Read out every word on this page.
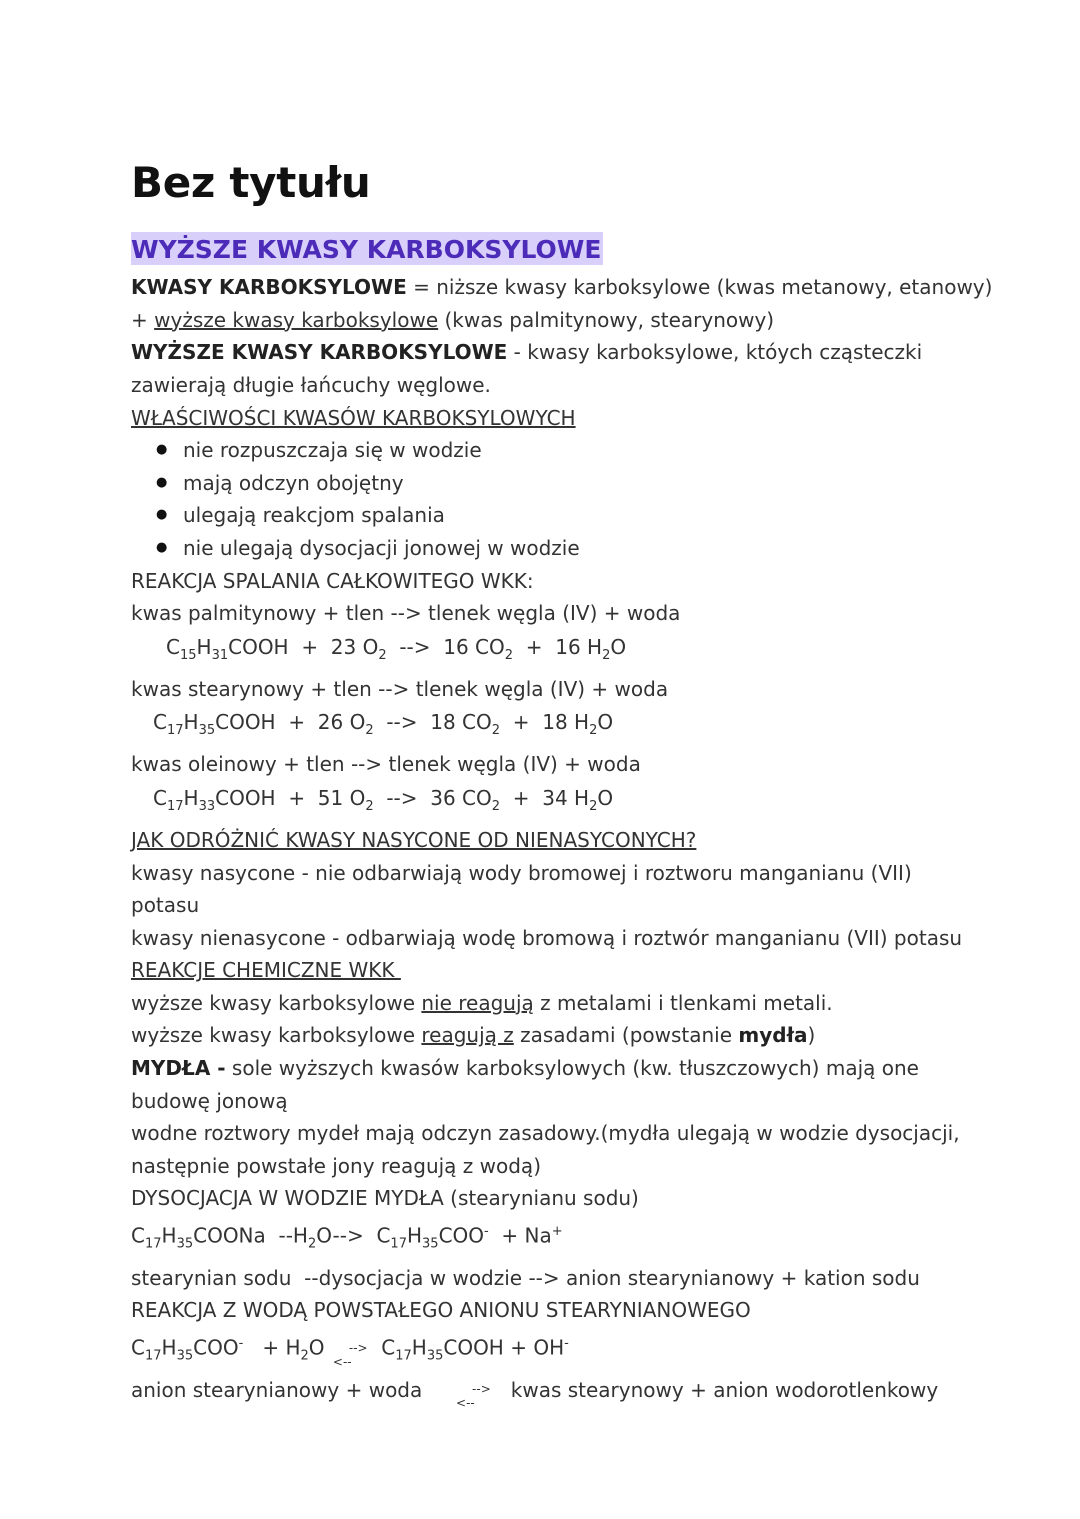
Bez tytułu
WYŻSZE KWASY KARBOKSYLOWE
KWASY KARBOKSYLOWE = niższe kwasy karboksylowe (kwas metanowy, etanowy)
+ wyższe kwasy karboksylowe (kwas palmitynowy, stearynowy)
WYŻSZE KWASY KARBOKSYLOWE - kwasy karboksylowe, któych cząsteczki
zawierają długie łańcuchy węglowe.
WŁAŚCIWOŚCI KWASÓW KARBOKSYLOWYCH
● nie rozpuszczaja się w wodzie
● mają odczyn obojętny
● ulegają reakcjom spalania
● nie ulegają dysocjacji jonowej w wodzie
REAKCJA SPALANIA CAŁKOWITEGO WKK:
kwas palmitynowy + tlen --> tlenek węgla (IV) + woda
$C_{15}H_{31}COOH + 23$ $O_2$  -->  16 $CO_2 + 16$ $H_2O$
kwas stearynowy + tlen --> tlenek węgla (IV) + woda
$C_{17}H_{35}COOH + 26$ $O_2$  -->  18 $CO_2 + 18$ $H_2O$
kwas oleinowy + tlen --> tlenek węgla (IV) + woda
$C_{17}H_{33}COOH + 51$ $O_2$  -->  36 $CO_2 + 34$ $H_2O$
JAK ODRÓŻNIĆ KWASY NASYCONE OD NIENASYCONYCH?
kwasy nasycone - nie odbarwiają wody bromowej i roztworu manganianu (VII)
potasu
kwasy nienasycone - odbarwiają wodę bromową i roztwór manganianu (VII) potasu
REAKCJE CHEMICZNE WKK
wyższe kwasy karboksylowe nie reagują z metalami i tlenkami metali.
wyższe kwasy karboksylowe reagują z zasadami (powstanie mydła)
MYDŁA - sole wyższych kwasów karboksylowych (kw. tłuszczowych) mają one
budowę jonową
wodne roztwory mydeł mają odczyn zasadowy.(mydła ulegają w wodzie dysocjacji,
następnie powstałe jony reagują z wodą)
DYSOCJACJA W WODZIE MYDŁA (stearynianu sodu)
$C_{17}H_{35}COONa$  $--H_2O--> C_{17}H_{35}COO^- + Na^+$
stearynian sodu  --dysocjacja w wodzie --> anion stearynianowy + kation sodu
REAKCJA Z WODĄ POWSTAŁEGO ANIONU STEARYNIANOWEGO
$C_{17}H_{35}COO^- + H_2O$ -->
<--
$C_{17}H_{35}COOH + OH^-$
anion stearynianowy + woda	-->
<--
kwas stearynowy + anion wodorotlenkowy
